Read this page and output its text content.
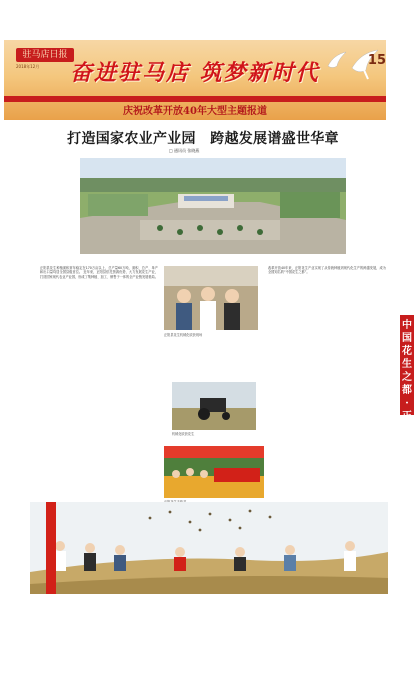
驻马店日报
2018年12月	奋进驻马店 筑梦新时代	15
庆祝改革开放40年大型主题报道
打造国家农业产业园　跨越发展谱盛世华章
□ 通讯员 张晓燕
正阳县花生种植面积常年稳定在170万亩以上，总产量60万吨，面积、总产、单产和出口量均居全国县级首位。 近年来，正阳县依托资源优势，大力发展花生产业，打造国家现代农业产业园，形成了集种植、加工、销售于一体的全产业链发展格局。
正阳县花生机械化收获现场
机械化收获花生
改革开放40年来，正阳花生产业实现了从传统种植到现代化生产的跨越发展，成为全国知名的“中国花生之都”。
中国花生之都·正阳篇
